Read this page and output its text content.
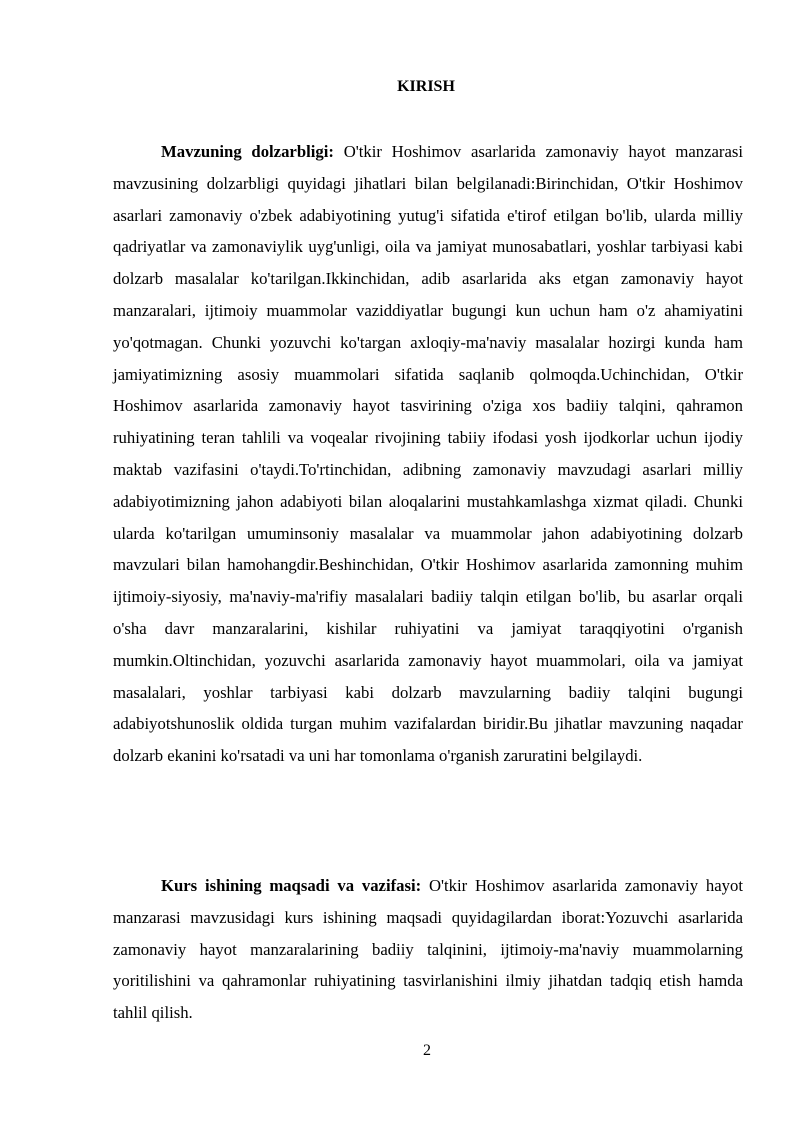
KIRISH

Mavzuning dolzarbligi: O'tkir Hoshimov asarlarida zamonaviy hayot manzarasi mavzusining dolzarbligi quyidagi jihatlari bilan belgilanadi:Birinchidan, O'tkir Hoshimov asarlari zamonaviy o'zbek adabiyotining yutug'i sifatida e'tirof etilgan bo'lib, ularda milliy qadriyatlar va zamonaviylik uyg'unligi, oila va jamiyat munosabatlari, yoshlar tarbiyasi kabi dolzarb masalalar ko'tarilgan.Ikkinchidan, adib asarlarida aks etgan zamonaviy hayot manzaralari, ijtimoiy muammolar vaziddiyatlar bugungi kun uchun ham o'z ahamiyatini yo'qotmagan. Chunki yozuvchi ko'targan axloqiy-ma'naviy masalalar hozirgi kunda ham jamiyatimizning asosiy muammolari sifatida saqlanib qolmoqda.Uchinchidan, O'tkir Hoshimov asarlarida zamonaviy hayot tasvirining o'ziga xos badiiy talqini, qahramon ruhiyatining teran tahlili va voqealar rivojining tabiiy ifodasi yosh ijodkorlar uchun ijodiy maktab vazifasini o'taydi.To'rtinchidan, adibning zamonaviy mavzudagi asarlari milliy adabiyotimizning jahon adabiyoti bilan aloqalarini mustahkamlashga xizmat qiladi. Chunki ularda ko'tarilgan umuminsoniy masalalar va muammolar jahon adabiyotining dolzarb mavzulari bilan hamohangdir.Beshinchidan, O'tkir Hoshimov asarlarida zamonning muhim ijtimoiy-siyosiy, ma'naviy-ma'rifiy masalalari badiiy talqin etilgan bo'lib, bu asarlar orqali o'sha davr manzaralarini, kishilar ruhiyatini va jamiyat taraqqiyotini o'rganish mumkin.Oltinchidan, yozuvchi asarlarida zamonaviy hayot muammolari, oila va jamiyat masalalari, yoshlar tarbiyasi kabi dolzarb mavzularning badiiy talqini bugungi adabiyotshunoslik oldida turgan muhim vazifalardan biridir.Bu jihatlar mavzuning naqadar dolzarb ekanini ko'rsatadi va uni har tomonlama o'rganish zaruratini belgilaydi.

Kurs ishining maqsadi va vazifasi: O'tkir Hoshimov asarlarida zamonaviy hayot manzarasi mavzusidagi kurs ishining maqsadi quyidagilardan iborat:Yozuvchi asarlarida zamonaviy hayot manzaralarining badiiy talqinini, ijtimoiy-ma'naviy muammolarning yoritilishini va qahramonlar ruhiyatining tasvirlanishini ilmiy jihatdan tadqiq etish hamda tahlil qilish.

2
